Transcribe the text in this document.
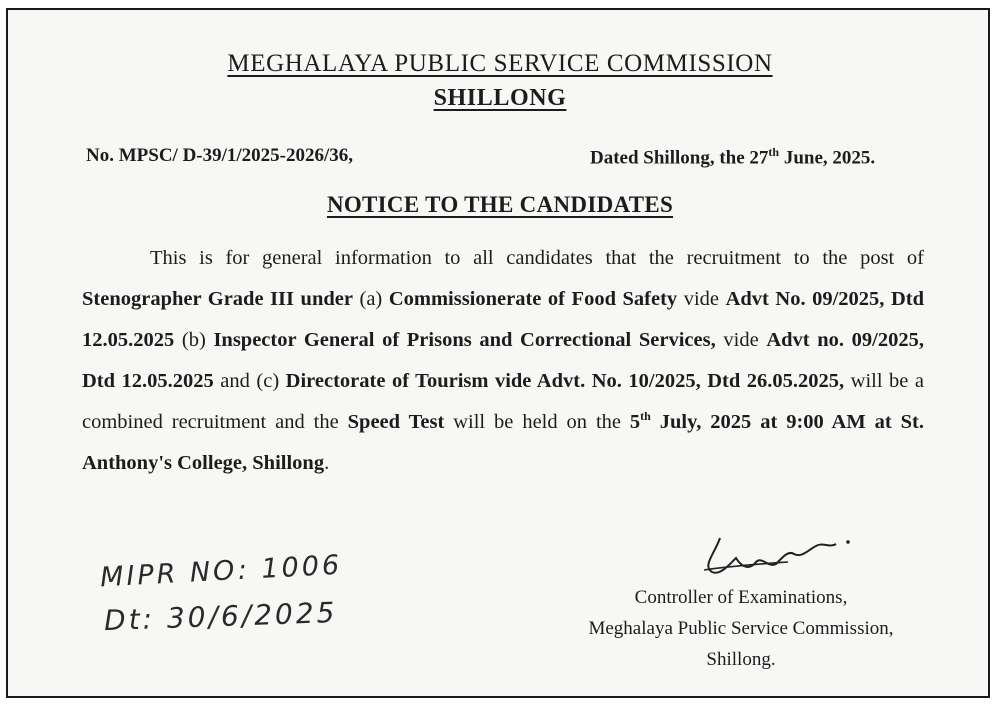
MEGHALAYA PUBLIC SERVICE COMMISSION
SHILLONG
No. MPSC/ D-39/1/2025-2026/36,	Dated Shillong, the 27th June, 2025.
NOTICE TO THE CANDIDATES
This is for general information to all candidates that the recruitment to the post of Stenographer Grade III under (a) Commissionerate of Food Safety vide Advt No. 09/2025, Dtd 12.05.2025 (b) Inspector General of Prisons and Correctional Services, vide Advt no. 09/2025, Dtd 12.05.2025 and (c) Directorate of Tourism vide Advt. No. 10/2025, Dtd 26.05.2025, will be a combined recruitment and the Speed Test will be held on the 5th July, 2025 at 9:00 AM at St. Anthony's College, Shillong.
Controller of Examinations,
Meghalaya Public Service Commission,
Shillong.
MIPR NO: 1006
Dt: 30/6/2025
